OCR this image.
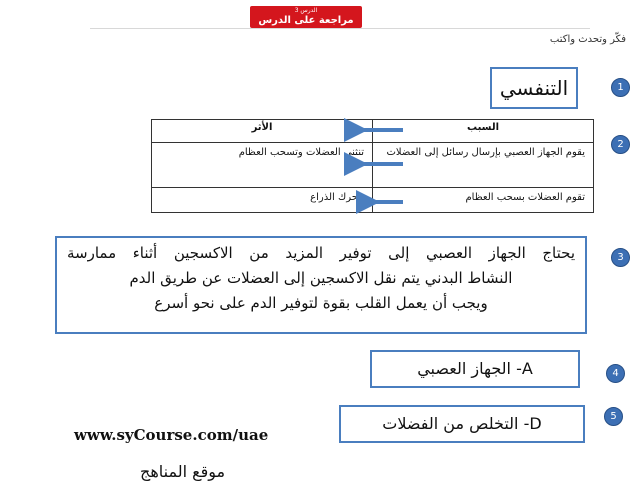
الدرس 3
مراجعة على الدرس
فكّر وتحدث واكتب
1
التنفسي
2
السبب	الأثر
يقوم الجهاز العصبي بإرسال رسائل إلى العضلات	تنثني العضلات وتسحب العظام
تقوم العضلات بسحب العظام	يتحرك الذراع
3
يحتاج الجهاز العصبي إلى توفير المزيد من الاكسجين أثناء ممارسة
النشاط البدني يتم نقل الاكسجين إلى العضلات عن طريق الدم
ويجب أن يعمل القلب بقوة لتوفير الدم على نحو أسرع
4
A- الجهاز العصبي
5
D- التخلص من الفضلات
www.syCourse.com/uae
موقع المناهج
